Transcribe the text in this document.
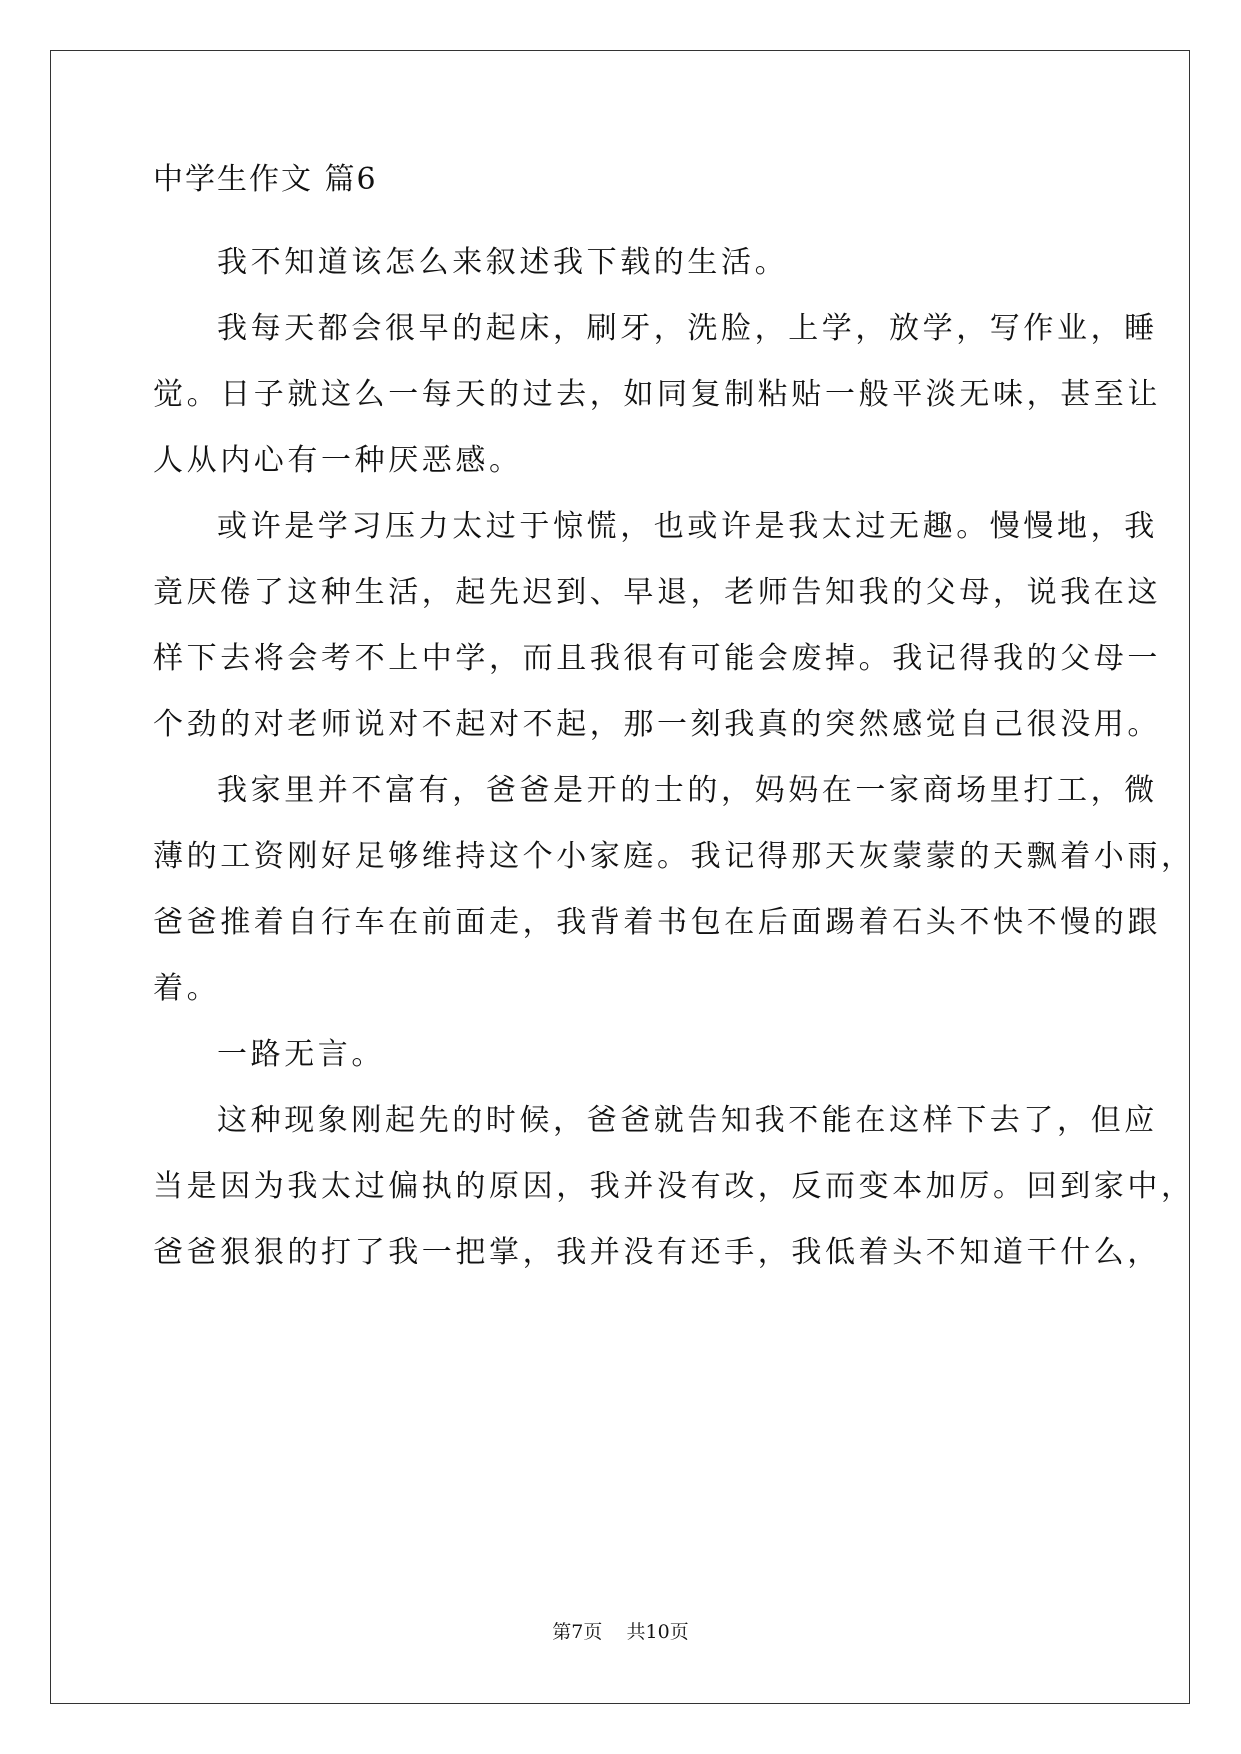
中学生作文 篇6
我不知道该怎么来叙述我下载的生活。
我每天都会很早的起床，刷牙，洗脸，上学，放学，写作业，睡
觉。日子就这么一每天的过去，如同复制粘贴一般平淡无味，甚至让
人从内心有一种厌恶感。
或许是学习压力太过于惊慌，也或许是我太过无趣。慢慢地，我
竟厌倦了这种生活，起先迟到、早退，老师告知我的父母，说我在这
样下去将会考不上中学，而且我很有可能会废掉。我记得我的父母一
个劲的对老师说对不起对不起，那一刻我真的突然感觉自己很没用。
我家里并不富有，爸爸是开的士的，妈妈在一家商场里打工，微
薄的工资刚好足够维持这个小家庭。我记得那天灰蒙蒙的天飘着小雨，
爸爸推着自行车在前面走，我背着书包在后面踢着石头不快不慢的跟
着。
一路无言。
这种现象刚起先的时候，爸爸就告知我不能在这样下去了，但应
当是因为我太过偏执的原因，我并没有改，反而变本加厉。回到家中，
爸爸狠狠的打了我一把掌，我并没有还手，我低着头不知道干什么，
第7页 共10页
